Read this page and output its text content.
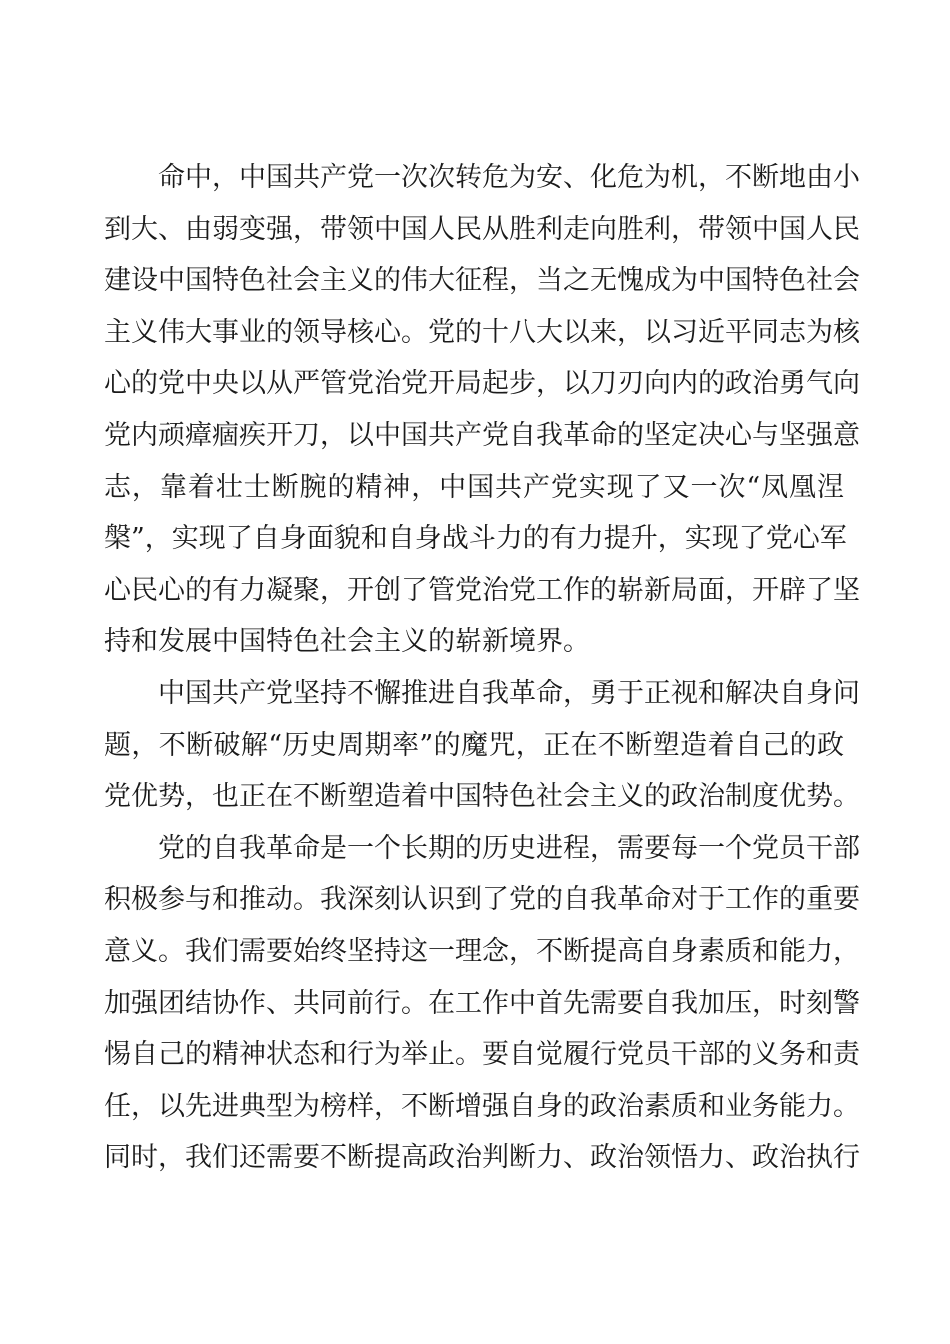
命中，中国共产党一次次转危为安、化危为机，不断地由小
到大、由弱变强，带领中国人民从胜利走向胜利，带领中国人民
建设中国特色社会主义的伟大征程，当之无愧成为中国特色社会
主义伟大事业的领导核心。党的十八大以来，以习近平同志为核
心的党中央以从严管党治党开局起步，以刀刃向内的政治勇气向
党内顽瘴痼疾开刀，以中国共产党自我革命的坚定决心与坚强意
志，靠着壮士断腕的精神，中国共产党实现了又一次“凤凰涅
槃”，实现了自身面貌和自身战斗力的有力提升，实现了党心军
心民心的有力凝聚，开创了管党治党工作的崭新局面，开辟了坚
持和发展中国特色社会主义的崭新境界。
中国共产党坚持不懈推进自我革命，勇于正视和解决自身问
题，不断破解“历史周期率”的魔咒，正在不断塑造着自己的政
党优势，也正在不断塑造着中国特色社会主义的政治制度优势。
党的自我革命是一个长期的历史进程，需要每一个党员干部
积极参与和推动。我深刻认识到了党的自我革命对于工作的重要
意义。我们需要始终坚持这一理念，不断提高自身素质和能力，
加强团结协作、共同前行。在工作中首先需要自我加压，时刻警
惕自己的精神状态和行为举止。要自觉履行党员干部的义务和责
任，以先进典型为榜样，不断增强自身的政治素质和业务能力。
同时，我们还需要不断提高政治判断力、政治领悟力、政治执行
